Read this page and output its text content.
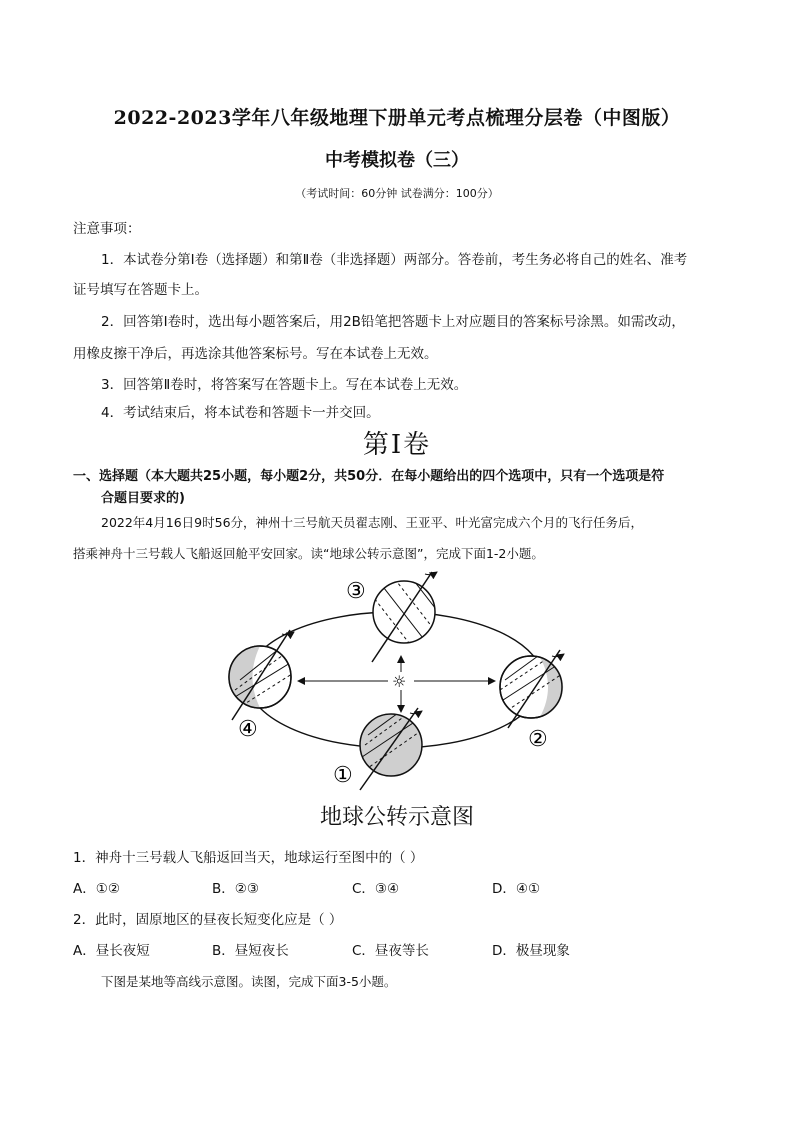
2022-2023学年八年级地理下册单元考点梳理分层卷（中图版）
中考模拟卷（三）
（考试时间：60分钟 试卷满分：100分）
注意事项：
1．本试卷分第Ⅰ卷（选择题）和第Ⅱ卷（非选择题）两部分。答卷前，考生务必将自己的姓名、准考
证号填写在答题卡上。
2．回答第Ⅰ卷时，选出每小题答案后，用2B铅笔把答题卡上对应题目的答案标号涂黑。如需改动，
用橡皮擦干净后，再选涂其他答案标号。写在本试卷上无效。
3．回答第Ⅱ卷时，将答案写在答题卡上。写在本试卷上无效。
4．考试结束后，将本试卷和答题卡一并交回。
第Ⅰ卷
一、选择题（本大题共25小题，每小题2分，共50分．在每小题给出的四个选项中，只有一个选项是符
合题目要求的)
2022年4月16日9时56分，神州十三号航天员翟志刚、王亚平、叶光富完成六个月的飞行任务后，
搭乘神舟十三号载人飞船返回舱平安回家。读“地球公转示意图”，完成下面1-2小题。
③
④	②
①
☼
地球公转示意图
1．神舟十三号载人飞船返回当天，地球运行至图中的（ ）
A．①②	B．②③	C．③④	D．④①
2．此时，固原地区的昼夜长短变化应是（ ）
A．昼长夜短	B．昼短夜长	C．昼夜等长	D．极昼现象
下图是某地等高线示意图。读图，完成下面3-5小题。
